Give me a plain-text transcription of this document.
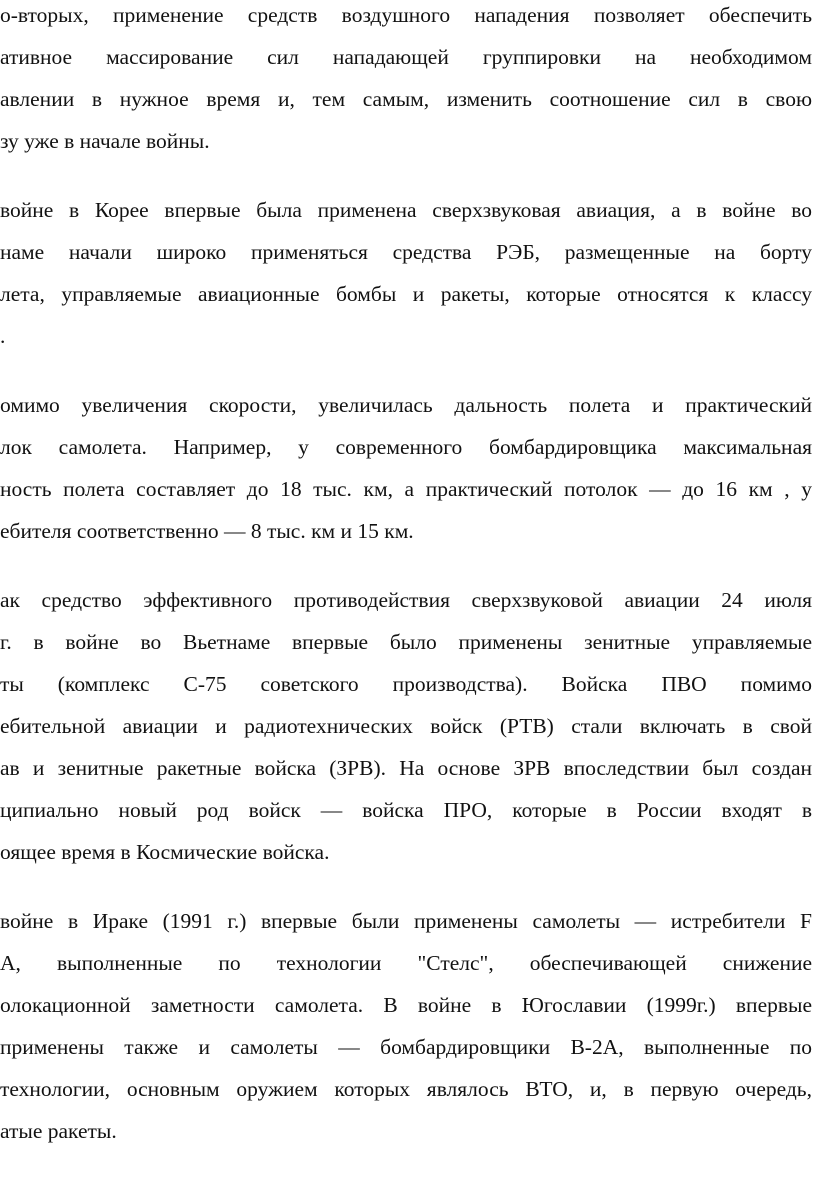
о-вторых, применение средств воздушного нападения позволяет обеспечить
ативное массирование сил нападающей группировки на необходимом
авлении в нужное время и, тем самым, изменить соотношение сил в свою
зу уже в начале войны.
войне в Корее впервые была применена сверхзвуковая авиация, а в войне во
наме начали широко применяться средства РЭБ, размещенные на борту
лета, управляемые авиационные бомбы и ракеты, которые относятся к классу
.
омимо увеличения скорости, увеличилась дальность полета и практический
лок самолета. Например, у современного бомбардировщика максимальная
ность полета составляет до 18 тыс. км, а практический потолок — до 16 км , у
ебителя соответственно — 8 тыс. км и 15 км.
ак средство эффективного противодействия сверхзвуковой авиации 24 июля
г. в войне во Вьетнаме впервые было применены зенитные управляемые
ты (комплекс С-75 советского производства). Войска ПВО помимо
ебительной авиации и радиотехнических войск (РТВ) стали включать в свой
ав и зенитные ракетные войска (ЗРВ). На основе ЗРВ впоследствии был создан
ципиально новый род войск — войска ПРО, которые в России входят в
оящее время в Космические войска.
войне в Ираке (1991 г.) впервые были применены самолеты — истребители F
А, выполненные по технологии "Стелс", обеспечивающей снижение
олокационной заметности самолета. В войне в Югославии (1999г.) впервые
применены также и самолеты — бомбардировщики В-2А, выполненные по
технологии, основным оружием которых являлось ВТО, и, в первую очередь,
атые ракеты.
